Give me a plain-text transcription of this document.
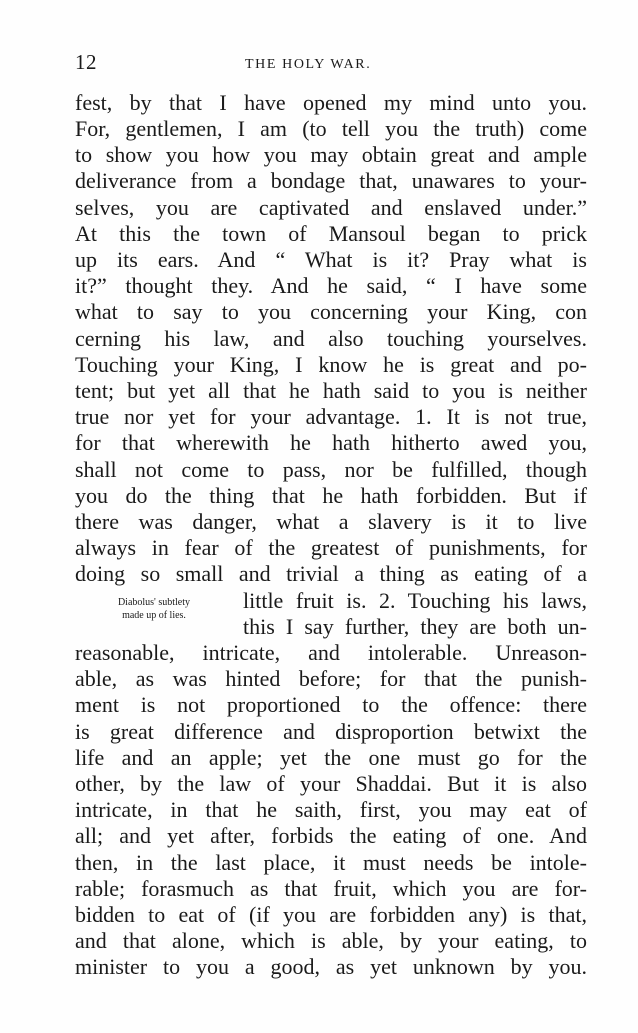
12	THE HOLY WAR.
fest, by that I have opened my mind unto you.
For, gentlemen, I am (to tell you the truth) come
to show you how you may obtain great and ample
deliverance from a bondage that, unawares to your-
selves, you are captivated and enslaved under.”
At this the town of Mansoul began to prick
up its ears. And “ What is it? Pray what is
it?” thought they. And he said, “ I have some
what to say to you concerning your King, con
cerning his law, and also touching yourselves.
Touching your King, I know he is great and po-
tent; but yet all that he hath said to you is neither
true nor yet for your advantage. 1. It is not true,
for that wherewith he hath hitherto awed you,
shall not come to pass, nor be fulfilled, though
you do the thing that he hath forbidden. But if
there was danger, what a slavery is it to live
always in fear of the greatest of punishments, for
doing so small and trivial a thing as eating of a
little fruit is. 2. Touching his laws,
this I say further, they are both un-
reasonable, intricate, and intolerable. Unreason-
able, as was hinted before; for that the punish-
ment is not proportioned to the offence: there
is great difference and disproportion betwixt the
life and an apple; yet the one must go for the
other, by the law of your Shaddai. But it is also
intricate, in that he saith, first, you may eat of
all; and yet after, forbids the eating of one. And
then, in the last place, it must needs be intole-
rable; forasmuch as that fruit, which you are for-
bidden to eat of (if you are forbidden any) is that,
and that alone, which is able, by your eating, to
minister to you a good, as yet unknown by you.
Diabolus' subtlety
made up of lies.
